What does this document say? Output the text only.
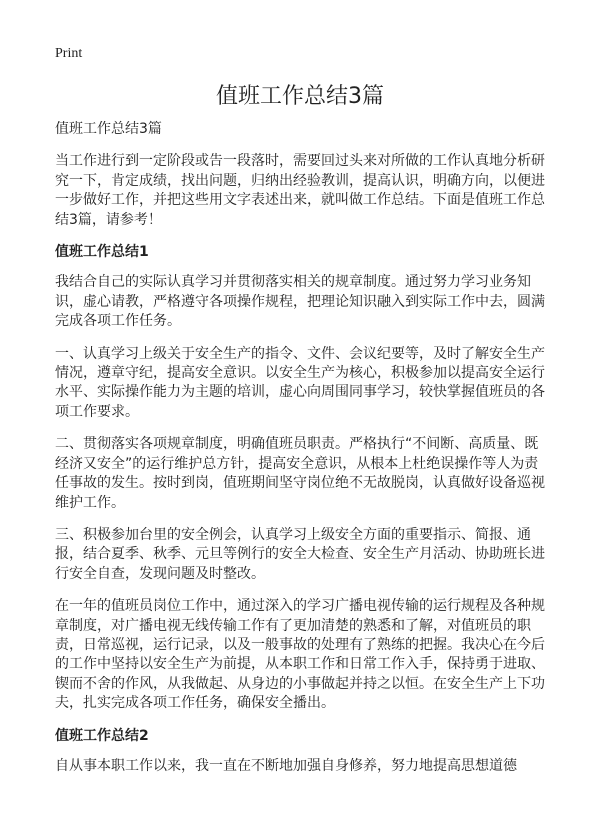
Print
值班工作总结3篇

值班工作总结3篇

当工作进行到一定阶段或告一段落时，需要回过头来对所做的工作认真地分析研究一下，肯定成绩，找出问题，归纳出经验教训，提高认识，明确方向，以便进一步做好工作，并把这些用文字表述出来，就叫做工作总结。下面是值班工作总结3篇，请参考！

值班工作总结1

我结合自己的实际认真学习并贯彻落实相关的规章制度。通过努力学习业务知识，虚心请教，严格遵守各项操作规程，把理论知识融入到实际工作中去，圆满完成各项工作任务。

一、认真学习上级关于安全生产的指令、文件、会议纪要等，及时了解安全生产情况，遵章守纪，提高安全意识。以安全生产为核心，积极参加以提高安全运行水平、实际操作能力为主题的培训，虚心向周围同事学习，较快掌握值班员的各项工作要求。

二、贯彻落实各项规章制度，明确值班员职责。严格执行“不间断、高质量、既经济又安全”的运行维护总方针，提高安全意识，从根本上杜绝误操作等人为责任事故的发生。按时到岗，值班期间坚守岗位绝不无故脱岗，认真做好设备巡视维护工作。

三、积极参加台里的安全例会，认真学习上级安全方面的重要指示、简报、通报，结合夏季、秋季、元旦等例行的安全大检查、安全生产月活动、协助班长进行安全自查，发现问题及时整改。

在一年的值班员岗位工作中，通过深入的学习广播电视传输的运行规程及各种规章制度，对广播电视无线传输工作有了更加清楚的熟悉和了解，对值班员的职责，日常巡视，运行记录，以及一般事故的处理有了熟练的把握。我决心在今后的工作中坚持以安全生产为前提，从本职工作和日常工作入手，保持勇于进取、锲而不舍的作风，从我做起、从身边的小事做起并持之以恒。在安全生产上下功夫，扎实完成各项工作任务，确保安全播出。

值班工作总结2

自从事本职工作以来，我一直在不断地加强自身修养，努力地提高思想道德
